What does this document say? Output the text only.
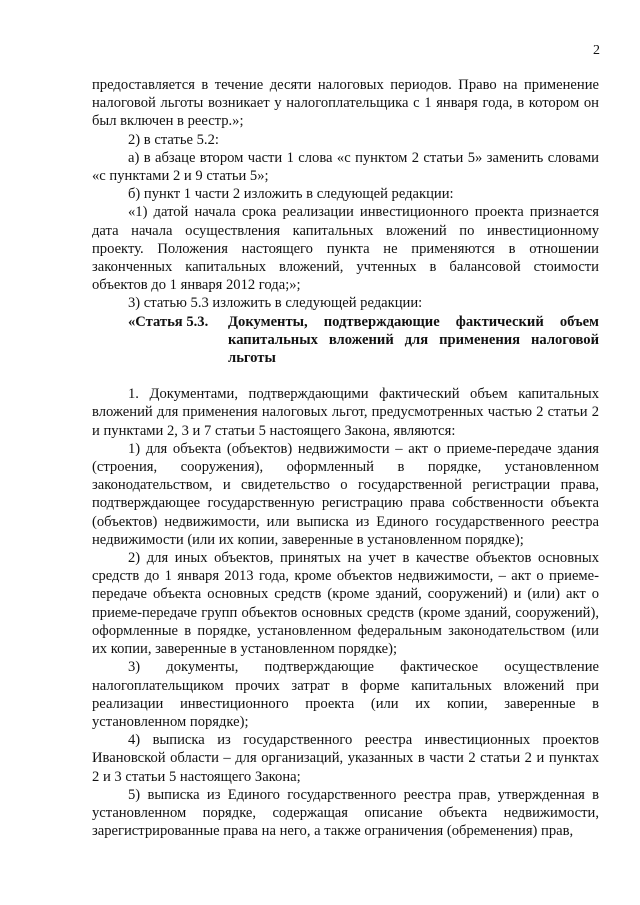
2

предоставляется в течение десяти налоговых периодов. Право на применение налоговой льготы возникает у налогоплательщика с 1 января года, в котором он был включен в реестр.»;

2) в статье 5.2:

а) в абзаце втором части 1 слова «с пунктом 2 статьи 5» заменить словами «с пунктами 2 и 9 статьи 5»;

б) пункт 1 части 2 изложить в следующей редакции:

«1) датой начала срока реализации инвестиционного проекта признается дата начала осуществления капитальных вложений по инвестиционному проекту. Положения настоящего пункта не применяются в отношении законченных капитальных вложений, учтенных в балансовой стоимости объектов до 1 января 2012 года;»;

3) статью 5.3 изложить в следующей редакции:

«Статья 5.3.	Документы, подтверждающие фактический объем капитальных вложений для применения налоговой льготы

1. Документами, подтверждающими фактический объем капитальных вложений для применения налоговых льгот, предусмотренных частью 2 статьи 2 и пунктами 2, 3 и 7 статьи 5 настоящего Закона, являются:

1) для объекта (объектов) недвижимости – акт о приеме-передаче здания (строения, сооружения), оформленный в порядке, установленном законодательством, и свидетельство о государственной регистрации права, подтверждающее государственную регистрацию права собственности объекта (объектов) недвижимости, или выписка из Единого государственного реестра недвижимости (или их копии, заверенные в установленном порядке);

2) для иных объектов, принятых на учет в качестве объектов основных средств до 1 января 2013 года, кроме объектов недвижимости, – акт о приеме-передаче объекта основных средств (кроме зданий, сооружений) и (или) акт о приеме-передаче групп объектов основных средств (кроме зданий, сооружений), оформленные в порядке, установленном федеральным законодательством (или их копии, заверенные в установленном порядке);

3) документы, подтверждающие фактическое осуществление налогоплательщиком прочих затрат в форме капитальных вложений при реализации инвестиционного проекта (или их копии, заверенные в установленном порядке);

4) выписка из государственного реестра инвестиционных проектов Ивановской области – для организаций, указанных в части 2 статьи 2 и пунктах 2 и 3 статьи 5 настоящего Закона;

5) выписка из Единого государственного реестра прав, утвержденная в установленном порядке, содержащая описание объекта недвижимости, зарегистрированные права на него, а также ограничения (обременения) прав,
